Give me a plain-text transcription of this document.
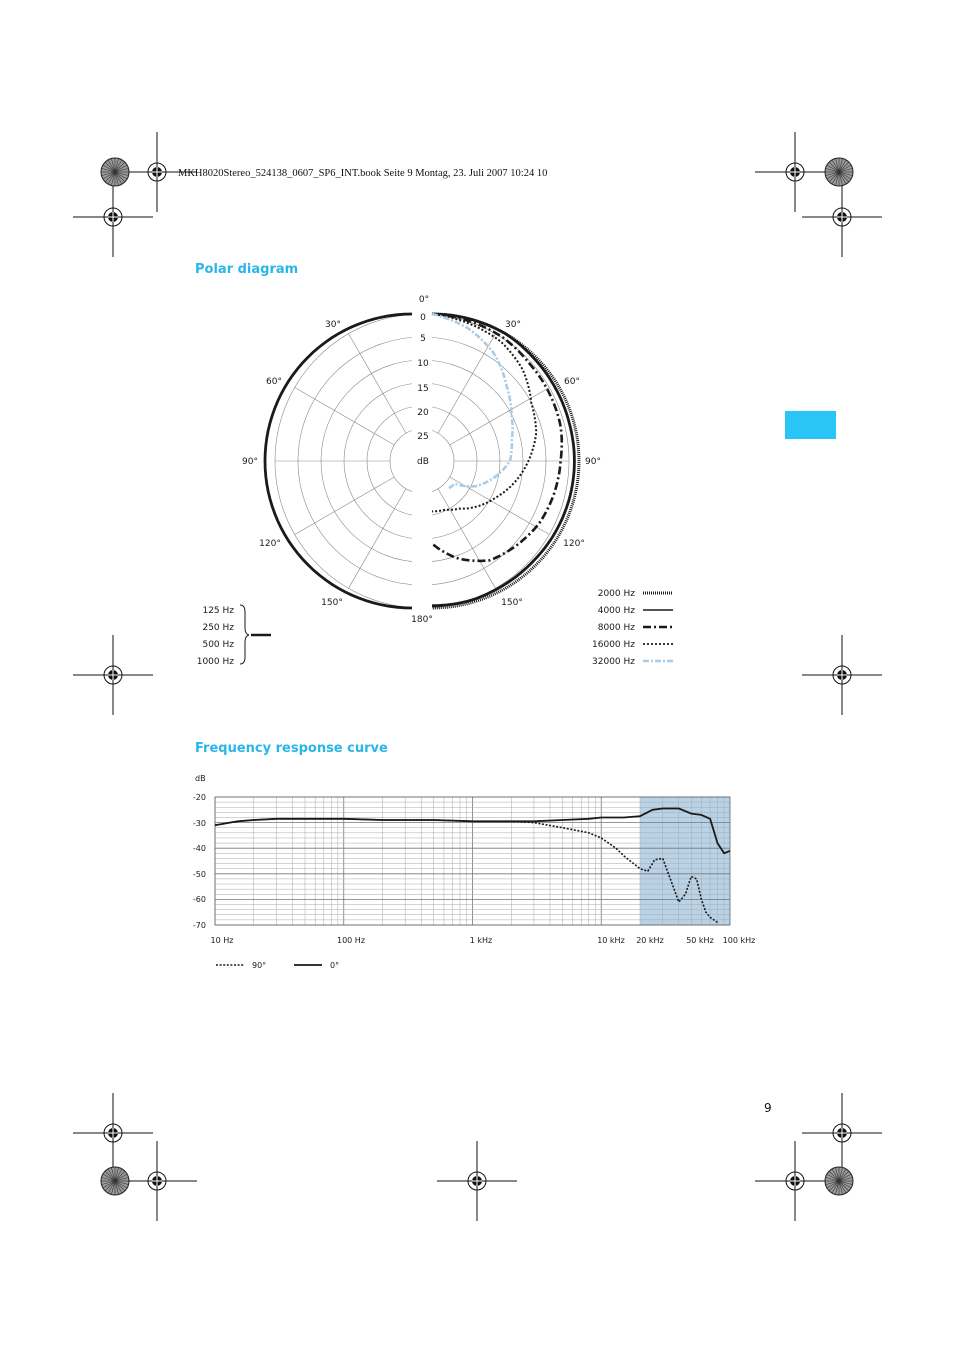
MKH8020Stereo_524138_0607_SP6_INT.book Seite 9 Montag, 23. Juli 2007 10:24 10
Polar diagram
Frequency response curve
9
0°
30°	30°
60°	60°
90°	90°
120°	120°
150°	150°
180°
0
5
10
15
20
25
dB
125 Hz
250 Hz
500 Hz
1000 Hz
2000 Hz
4000 Hz
8000 Hz
16000 Hz
32000 Hz
dB
-20
-30
-40
-50
-60
-70
10 Hz	100 Hz	1 kHz	10 kHz 20 kHz	50 kHz 100 kHz
90°	0°
